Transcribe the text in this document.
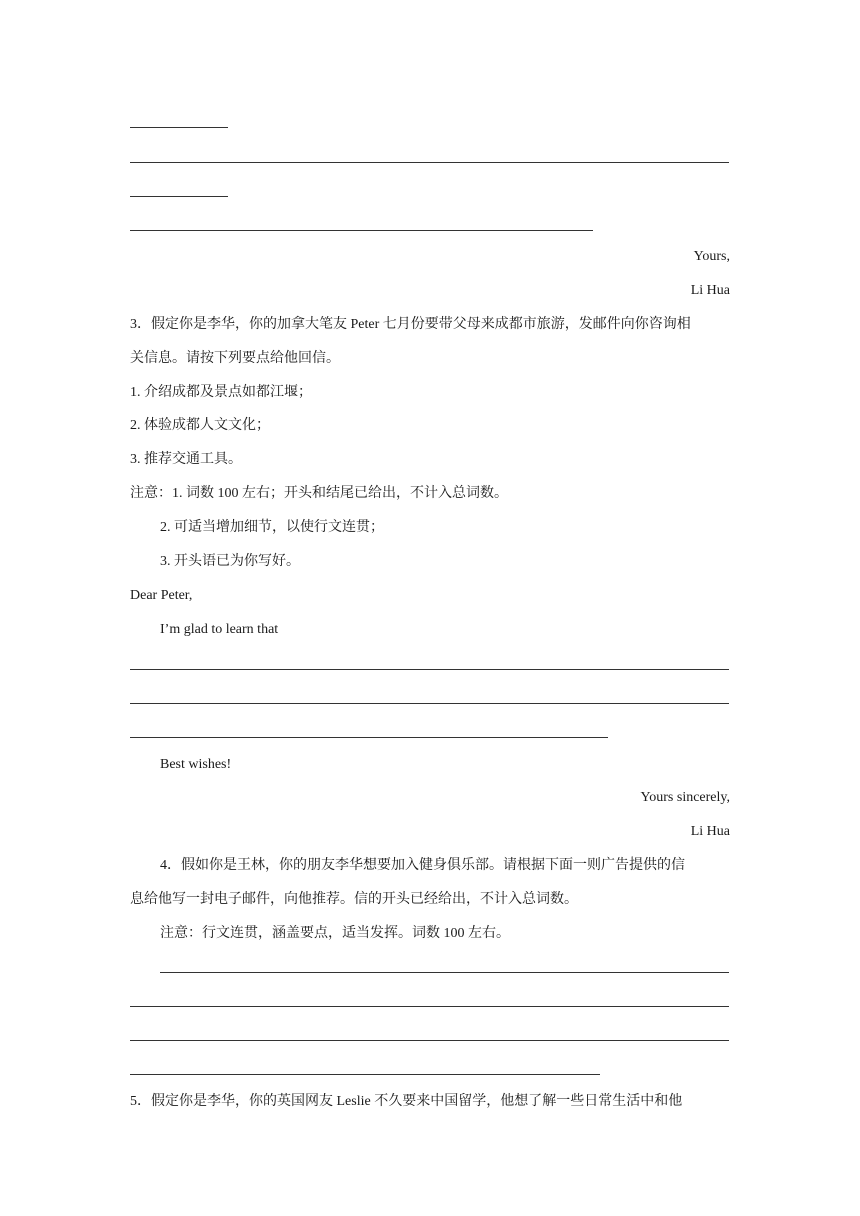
Yours,
Li Hua
3．假定你是李华，你的加拿大笔友 Peter 七月份要带父母来成都市旅游，发邮件向你咨询相
关信息。请按下列要点给他回信。
1. 介绍成都及景点如都江堰；
2. 体验成都人文文化；
3. 推荐交通工具。
注意：1. 词数 100 左右；开头和结尾已给出，不计入总词数。
2. 可适当增加细节，以使行文连贯；
3. 开头语已为你写好。
Dear Peter,
I’m glad to learn that
Best wishes!
Yours sincerely,
Li Hua
4．假如你是王林，你的朋友李华想要加入健身俱乐部。请根据下面一则广告提供的信
息给他写一封电子邮件，向他推荐。信的开头已经给出，不计入总词数。
注意：行文连贯，涵盖要点，适当发挥。词数 100 左右。
5．假定你是李华，你的英国网友 Leslie 不久要来中国留学，他想了解一些日常生活中和他
